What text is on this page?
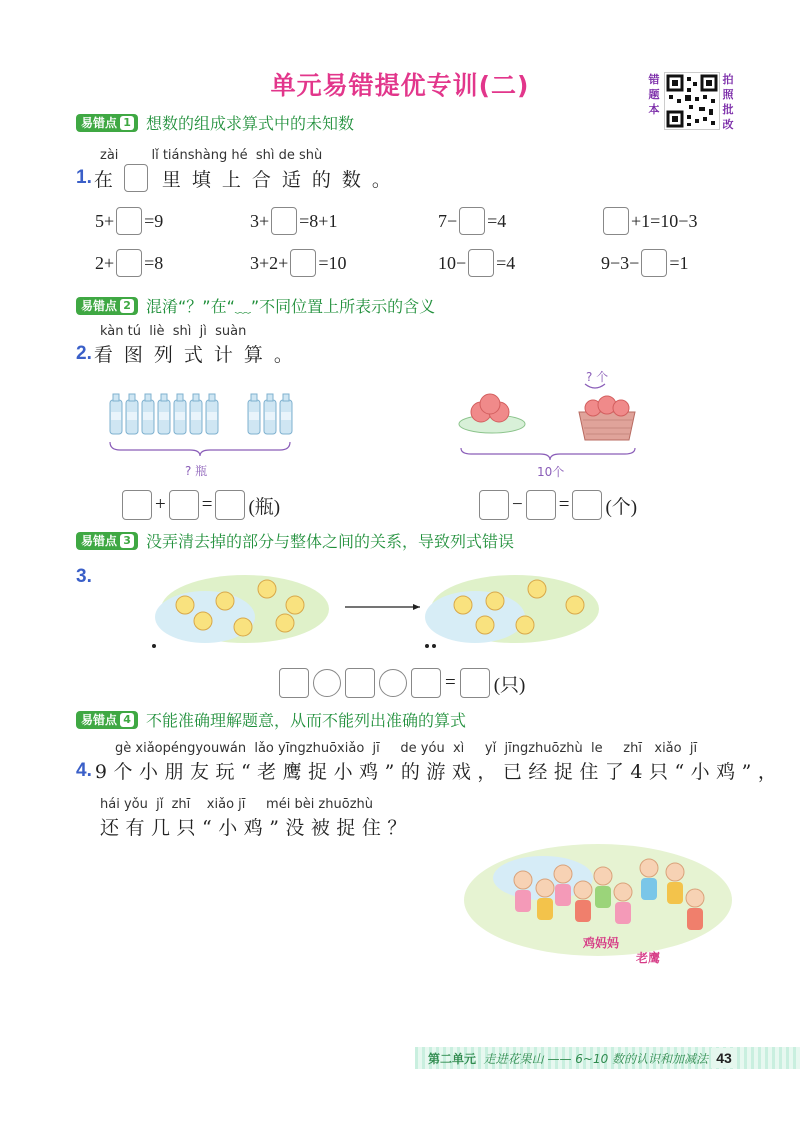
单元易错提优专训(二)	错题本
拍照批改
易错点 1 想数的组成求算式中的未知数
zài        lǐ tiánshàng hé  shì de shù
1. 在 里填上合适的数。
5+ =9	3+ =8+1	7− =4	+1=10−3
2+ =8	3+2+ =10	10− =4	9−3− =1
易错点 2 混淆“？”在“﹏”不同位置上所表示的含义
kàn tú  liè  shì  jì  suàn
2. 看图列式计算。
? 瓶
? 个
10个
+ = (瓶)	− = (个)
易错点 3 没弄清去掉的部分与整体之间的关系，导致列式错误
3.
= (只)
易错点 4 不能准确理解题意，从而不能列出准确的算式
gè xiǎopéngyouwán  lǎo yīngzhuōxiǎo  jī     de yóu  xì     yǐ  jīngzhuōzhù  le     zhī   xiǎo  jī
4. 9个小朋友玩“老鹰捉小鸡”的游戏，已经捉住了4只“小鸡”，
hái yǒu  jǐ  zhī    xiǎo jī     méi bèi zhuōzhù
还有几只“小鸡”没被捉住？
鸡妈妈
老鹰
第二单元 走进花果山 —— 6~10 数的认识和加减法 43
